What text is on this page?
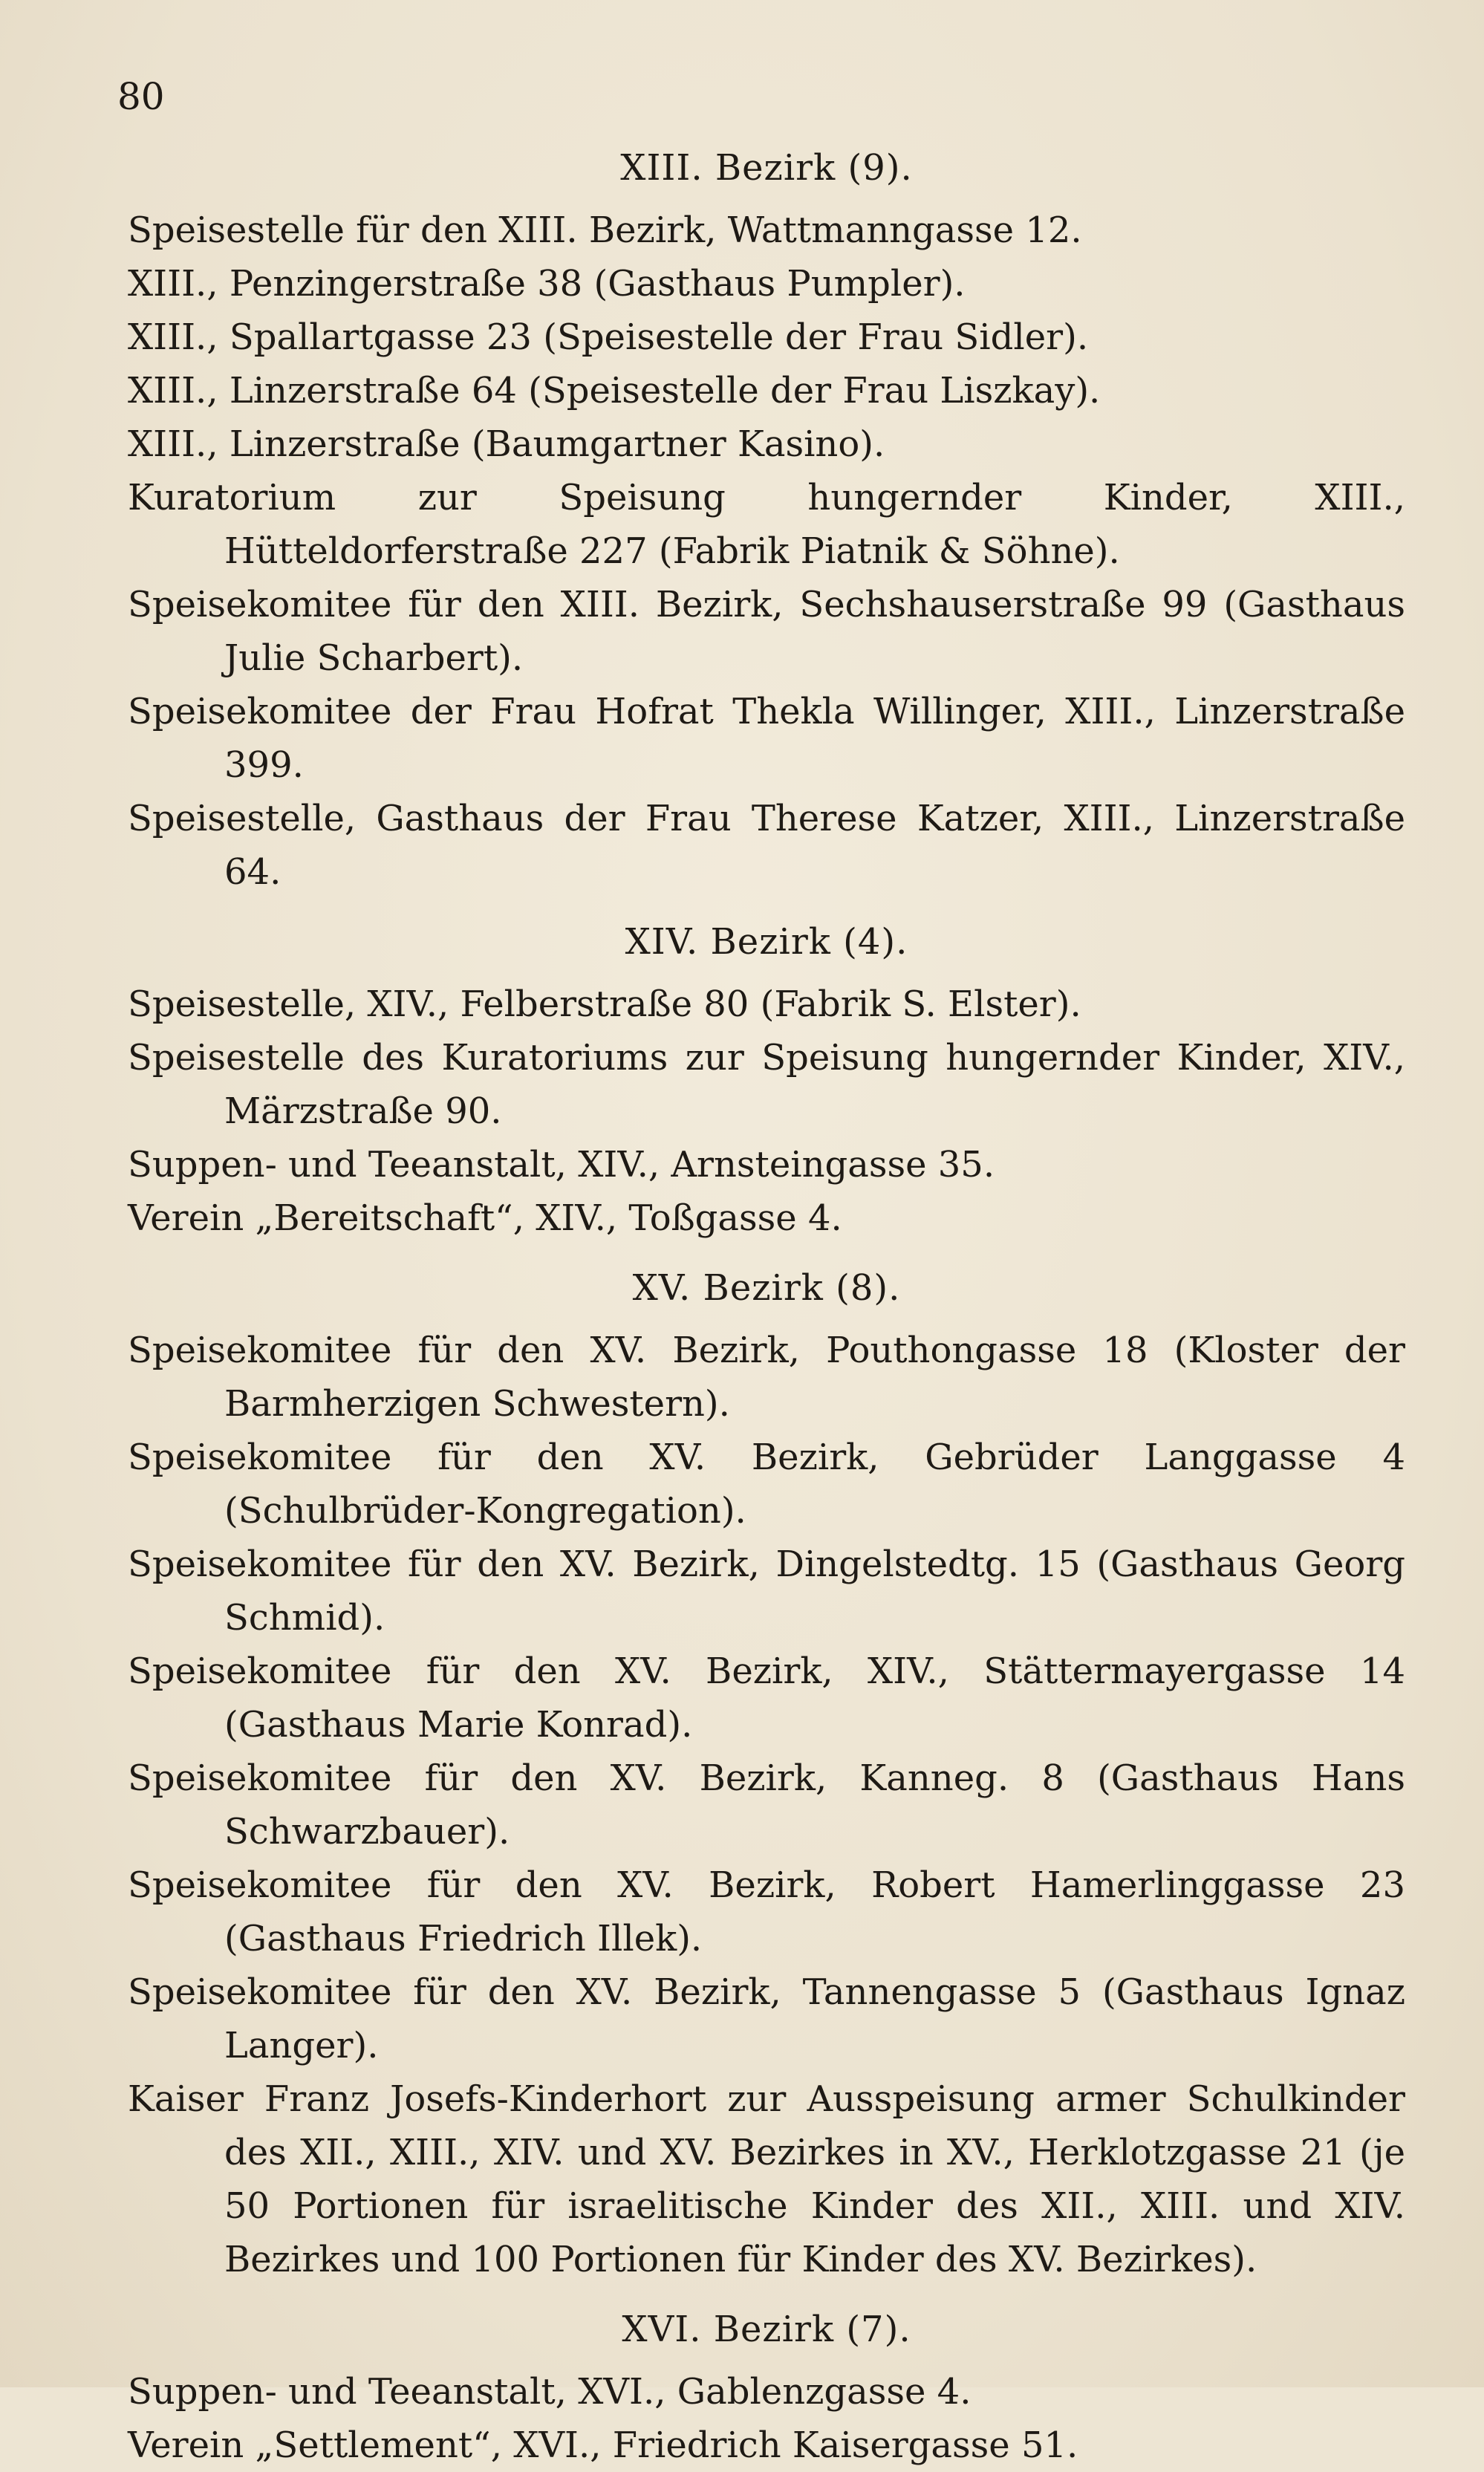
80
XIII. Bezirk (9).

Speisestelle für den XIII. Bezirk, Wattmanngasse 12.

XIII., Penzingerstraße 38 (Gasthaus Pumpler).

XIII., Spallartgasse 23 (Speisestelle der Frau Sidler).

XIII., Linzerstraße 64 (Speisestelle der Frau Liszkay).

XIII., Linzerstraße (Baumgartner Kasino).

Kuratorium zur Speisung hungernder Kinder, XIII., Hütteldorferstraße 227 (Fabrik Piatnik & Söhne).

Speisekomitee für den XIII. Bezirk, Sechshauserstraße 99 (Gasthaus Julie Scharbert).

Speisekomitee der Frau Hofrat Thekla Willinger, XIII., Linzerstraße 399.

Speisestelle, Gasthaus der Frau Therese Katzer, XIII., Linzerstraße 64.

XIV. Bezirk (4).

Speisestelle, XIV., Felberstraße 80 (Fabrik S. Elster).

Speisestelle des Kuratoriums zur Speisung hungernder Kinder, XIV., Märzstraße 90.

Suppen- und Teeanstalt, XIV., Arnsteingasse 35.

Verein „Bereitschaft“, XIV., Toßgasse 4.

XV. Bezirk (8).

Speisekomitee für den XV. Bezirk, Pouthongasse 18 (Kloster der Barmherzigen Schwestern).

Speisekomitee für den XV. Bezirk, Gebrüder Langgasse 4 (Schulbrüder-Kongregation).

Speisekomitee für den XV. Bezirk, Dingelstedtg. 15 (Gasthaus Georg Schmid).

Speisekomitee für den XV. Bezirk, XIV., Stättermayergasse 14 (Gasthaus Marie Konrad).

Speisekomitee für den XV. Bezirk, Kanneg. 8 (Gasthaus Hans Schwarzbauer).

Speisekomitee für den XV. Bezirk, Robert Hamerlinggasse 23 (Gasthaus Friedrich Illek).

Speisekomitee für den XV. Bezirk, Tannengasse 5 (Gasthaus Ignaz Langer).

Kaiser Franz Josefs-Kinderhort zur Ausspeisung armer Schulkinder des XII., XIII., XIV. und XV. Bezirkes in XV., Herklotzgasse 21 (je 50 Portionen für israelitische Kinder des XII., XIII. und XIV. Bezirkes und 100 Portionen für Kinder des XV. Bezirkes).

XVI. Bezirk (7).

Suppen- und Teeanstalt, XVI., Gablenzgasse 4.

Verein „Settlement“, XVI., Friedrich Kaisergasse 51.
